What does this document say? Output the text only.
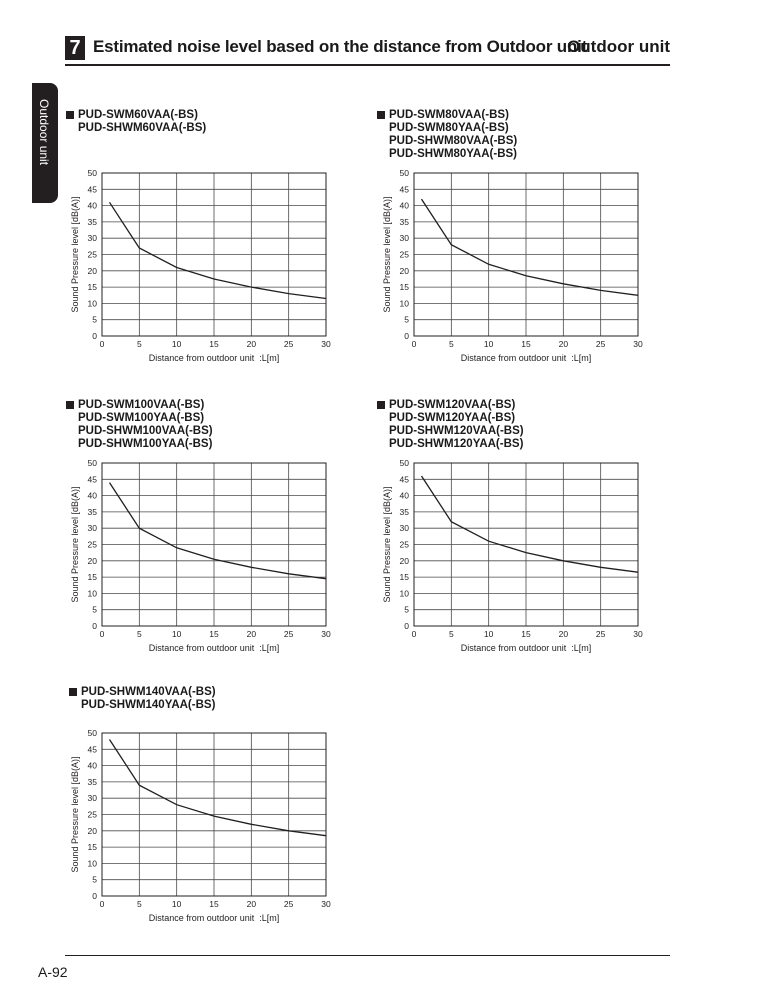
7 Estimated noise level based on the distance from Outdoor unit
Outdoor unit
Outdoor unit PUD-SWM60VAA(-BS)
PUD-SHWM60VAA(-BS)
0
5
10
15
20
25
30
35
40
45
50
0	5	10	15	20	25	30
Distance from outdoor unit  :L[m]
Sound Pressure level [dB(A)]
PUD-SWM80VAA(-BS)
PUD-SWM80YAA(-BS)
PUD-SHWM80VAA(-BS)
PUD-SHWM80YAA(-BS)
0
5
10
15
20
25
30
35
40
45
50
0	5	10	15	20	25	30
Distance from outdoor unit  :L[m]
Sound Pressure level [dB(A)]
PUD-SWM100VAA(-BS)
PUD-SWM100YAA(-BS)
PUD-SHWM100VAA(-BS)
PUD-SHWM100YAA(-BS)
0
5
10
15
20
25
30
35
40
45
50
0	5	10	15	20	25	30
Distance from outdoor unit  :L[m]
Sound Pressure level [dB(A)]
PUD-SWM120VAA(-BS)
PUD-SWM120YAA(-BS)
PUD-SHWM120VAA(-BS)
PUD-SHWM120YAA(-BS)
0
5
10
15
20
25
30
35
40
45
50
0	5	10	15	20	25	30
Distance from outdoor unit  :L[m]
Sound Pressure level [dB(A)]
PUD-SHWM140VAA(-BS)
PUD-SHWM140YAA(-BS)
0
5
10
15
20
25
30
35
40
45
50
0	5	10	15	20	25	30
Distance from outdoor unit  :L[m]
Sound Pressure level [dB(A)]
A-92
